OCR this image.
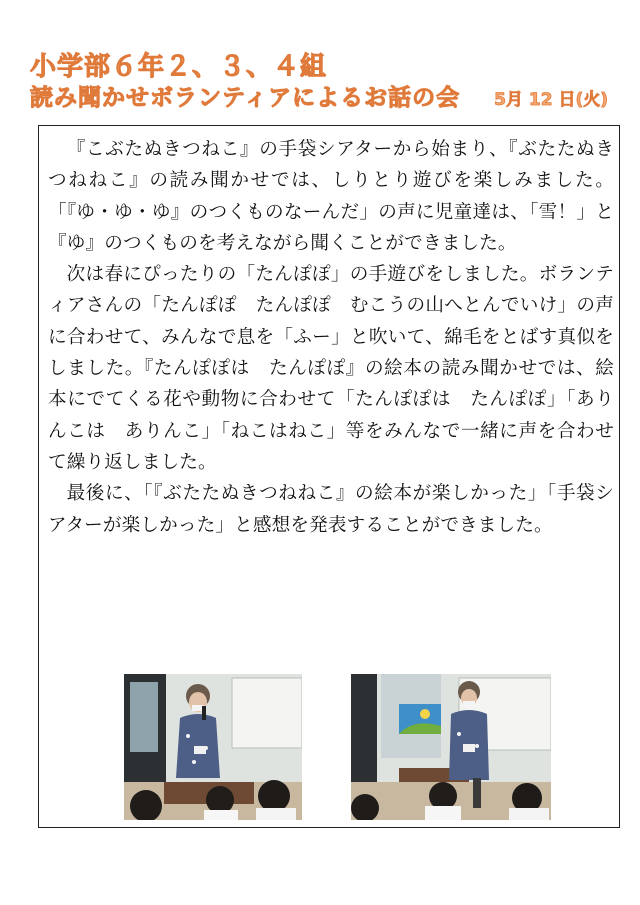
小学部６年２、３、４組
読み聞かせボランティアによるお話の会 5月 12 日(火)

『こぶたぬきつねこ』の手袋シアターから始まり、『ぶたたぬきつねねこ』の読み聞かせでは、しりとり遊びを楽しみました。「『ゆ・ゆ・ゆ』のつくものなーんだ」の声に児童達は、「雪！」と『ゆ』のつくものを考えながら聞くことができました。

次は春にぴったりの「たんぽぽ」の手遊びをしました。ボランティアさんの「たんぽぽ　たんぽぽ　むこうの山へとんでいけ」の声に合わせて、みんなで息を「ふー」と吹いて、綿毛をとばす真似をしました。『たんぽぽは　たんぽぽ』の絵本の読み聞かせでは、絵本にでてくる花や動物に合わせて「たんぽぽは　たんぽぽ」「ありんこは　ありんこ」「ねこはねこ」等をみんなで一緒に声を合わせて繰り返しました。

最後に、「『ぶたたぬきつねねこ』の絵本が楽しかった」「手袋シアターが楽しかった」と感想を発表することができました。
